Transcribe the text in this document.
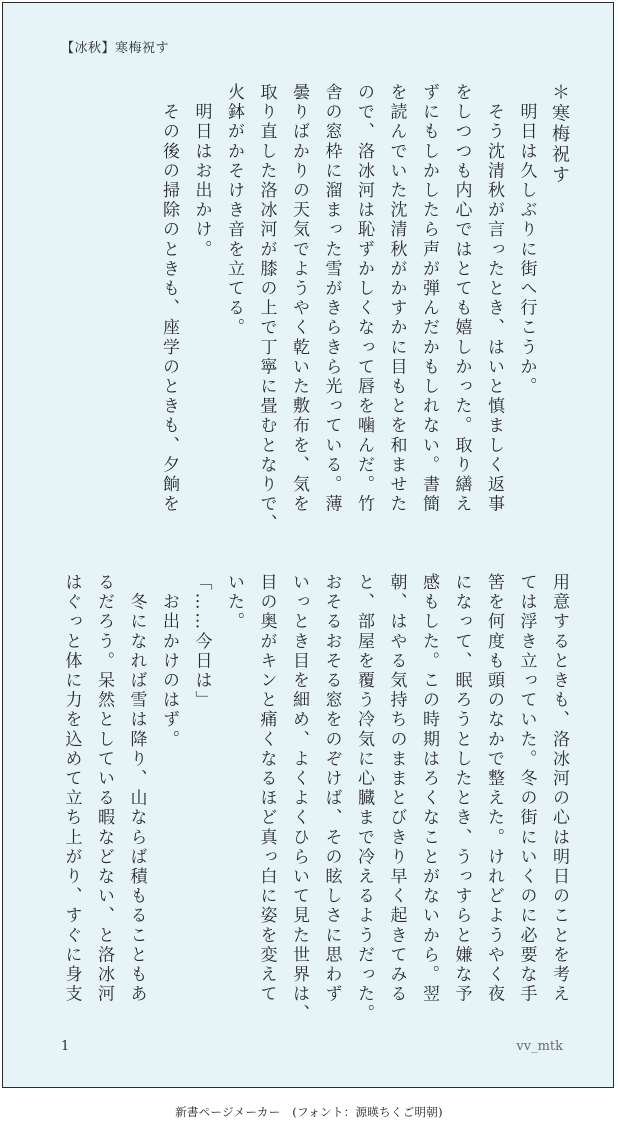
【冰秋】寒梅祝す
＊寒梅祝す
　明日は久しぶりに街へ行こうか。
　そう沈清秋が言ったとき、はいと慎ましく返事
をしつつも内心ではとても嬉しかった。取り繕え
ずにもしかしたら声が弾んだかもしれない。書簡
を読んでいた沈清秋がかすかに目もとを和ませた
ので、洛冰河は恥ずかしくなって唇を噛んだ。竹
舎の窓枠に溜まった雪がきらきら光っている。薄
曇りばかりの天気でようやく乾いた敷布を、気を
取り直した洛冰河が膝の上で丁寧に畳むとなりで、
火鉢がかそけき音を立てる。
　明日はお出かけ。
　その後の掃除のときも、座学のときも、夕餉を
用意するときも、洛冰河の心は明日のことを考え
ては浮き立っていた。冬の街にいくのに必要な手
筈を何度も頭のなかで整えた。けれどようやく夜
になって、眠ろうとしたとき、うっすらと嫌な予
感もした。この時期はろくなことがないから。翌
朝、はやる気持ちのままとびきり早く起きてみる
と、部屋を覆う冷気に心臓まで冷えるようだった。
おそるおそる窓をのぞけば、その眩しさに思わず
いっとき目を細め、よくよくひらいて見た世界は、
目の奥がキンと痛くなるほど真っ白に姿を変えて
いた。
「……今日は」
　お出かけのはず。
　冬になれば雪は降り、山ならば積もることもあ
るだろう。呆然としている暇などない、と洛冰河
はぐっと体に力を込めて立ち上がり、すぐに身支
1	vv_mtk
新書ページメーカー　(フォント：源暎ちくご明朝)
